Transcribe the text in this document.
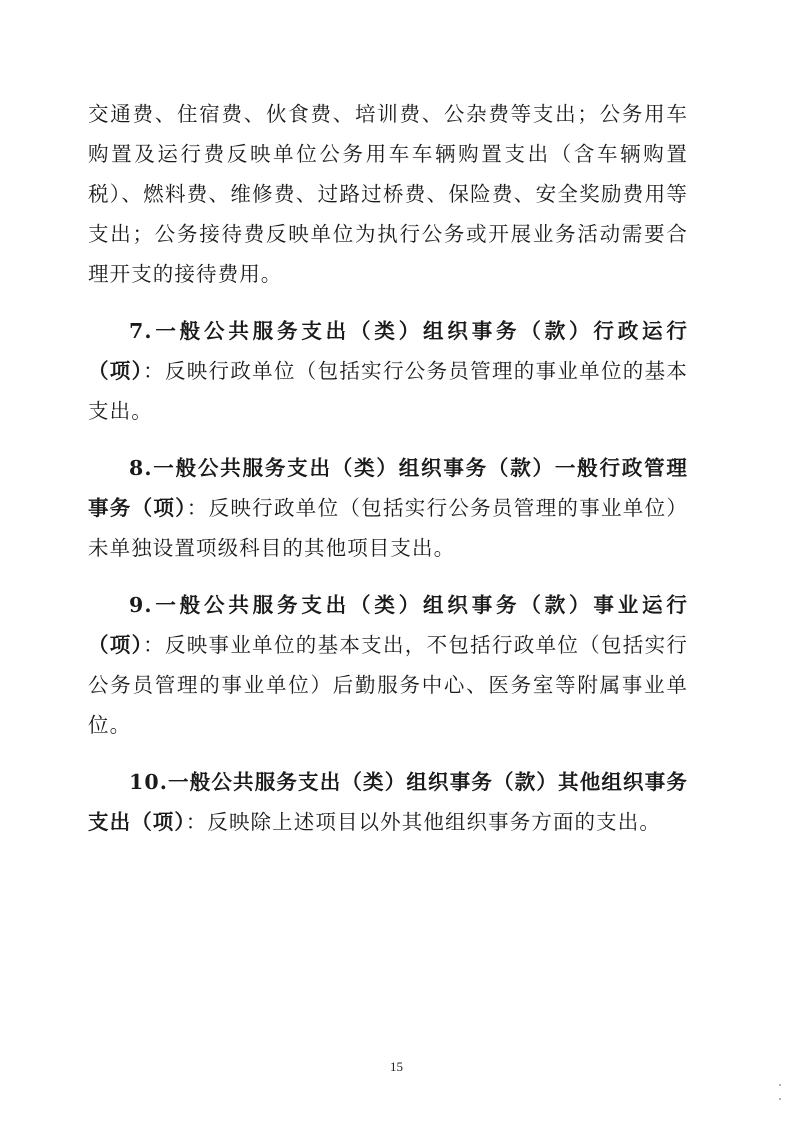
交通费、住宿费、伙食费、培训费、公杂费等支出；公务用车购置及运行费反映单位公务用车车辆购置支出（含车辆购置税）、燃料费、维修费、过路过桥费、保险费、安全奖励费用等支出；公务接待费反映单位为执行公务或开展业务活动需要合理开支的接待费用。

7.一般公共服务支出（类）组织事务（款）行政运行（项）：反映行政单位（包括实行公务员管理的事业单位的基本支出。

8.一般公共服务支出（类）组织事务（款）一般行政管理事务（项）：反映行政单位（包括实行公务员管理的事业单位）未单独设置项级科目的其他项目支出。

9.一般公共服务支出（类）组织事务（款）事业运行（项）：反映事业单位的基本支出，不包括行政单位（包括实行公务员管理的事业单位）后勤服务中心、医务室等附属事业单位。

10.一般公共服务支出（类）组织事务（款）其他组织事务支出（项）：反映除上述项目以外其他组织事务方面的支出。

15
